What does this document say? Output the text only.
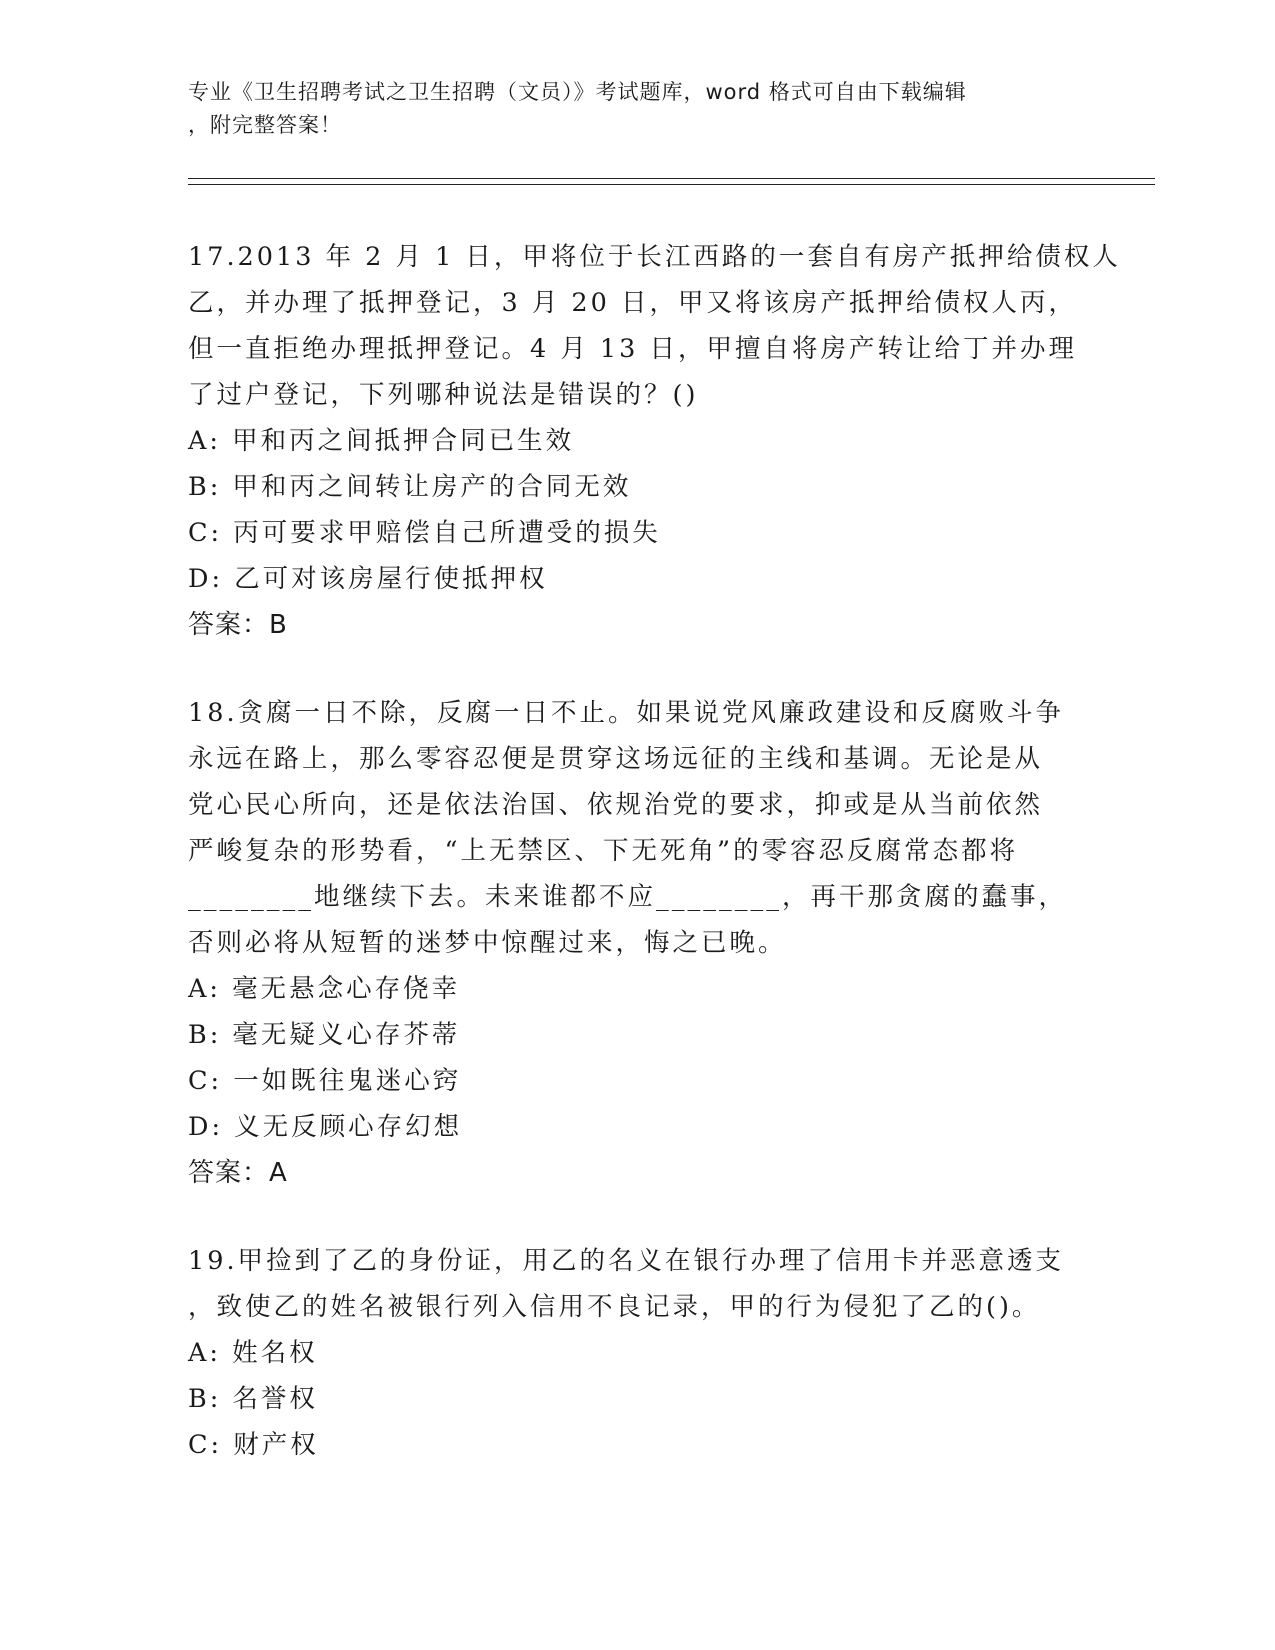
专业《卫生招聘考试之卫生招聘（文员）》考试题库，word 格式可自由下载编辑
，附完整答案！
17.2013 年 2 月 1 日，甲将位于长江西路的一套自有房产抵押给债权人
乙，并办理了抵押登记，3 月 20 日，甲又将该房产抵押给债权人丙，
但一直拒绝办理抵押登记。4 月 13 日，甲擅自将房产转让给丁并办理
了过户登记，下列哪种说法是错误的？()
A: 甲和丙之间抵押合同已生效
B: 甲和丙之间转让房产的合同无效
C: 丙可要求甲赔偿自己所遭受的损失
D: 乙可对该房屋行使抵押权
答案：B
18.贪腐一日不除，反腐一日不止。如果说党风廉政建设和反腐败斗争
永远在路上，那么零容忍便是贯穿这场远征的主线和基调。无论是从
党心民心所向，还是依法治国、依规治党的要求，抑或是从当前依然
严峻复杂的形势看，“上无禁区、下无死角”的零容忍反腐常态都将
________地继续下去。未来谁都不应________，再干那贪腐的蠢事，
否则必将从短暂的迷梦中惊醒过来，悔之已晚。
A: 毫无悬念心存侥幸
B: 毫无疑义心存芥蒂
C: 一如既往鬼迷心窍
D: 义无反顾心存幻想
答案：A
19.甲捡到了乙的身份证，用乙的名义在银行办理了信用卡并恶意透支
，致使乙的姓名被银行列入信用不良记录，甲的行为侵犯了乙的()。
A: 姓名权
B: 名誉权
C: 财产权
